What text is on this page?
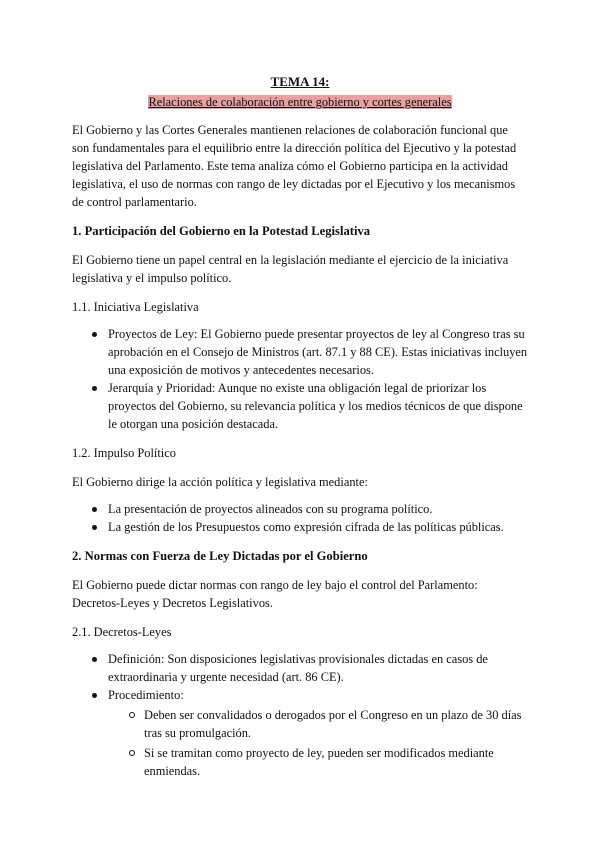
TEMA 14:

Relaciones de colaboración entre gobierno y cortes generales

El Gobierno y las Cortes Generales mantienen relaciones de colaboración funcional que son fundamentales para el equilibrio entre la dirección política del Ejecutivo y la potestad legislativa del Parlamento. Este tema analiza cómo el Gobierno participa en la actividad legislativa, el uso de normas con rango de ley dictadas por el Ejecutivo y los mecanismos de control parlamentario.

1. Participación del Gobierno en la Potestad Legislativa

El Gobierno tiene un papel central en la legislación mediante el ejercicio de la iniciativa legislativa y el impulso político.

1.1. Iniciativa Legislativa

Proyectos de Ley: El Gobierno puede presentar proyectos de ley al Congreso tras su aprobación en el Consejo de Ministros (art. 87.1 y 88 CE). Estas iniciativas incluyen una exposición de motivos y antecedentes necesarios.
Jerarquía y Prioridad: Aunque no existe una obligación legal de priorizar los proyectos del Gobierno, su relevancia política y los medios técnicos de que dispone le otorgan una posición destacada.

1.2. Impulso Político

El Gobierno dirige la acción política y legislativa mediante:

La presentación de proyectos alineados con su programa político.
La gestión de los Presupuestos como expresión cifrada de las políticas públicas.
2. Normas con Fuerza de Ley Dictadas por el Gobierno

El Gobierno puede dictar normas con rango de ley bajo el control del Parlamento: Decretos-Leyes y Decretos Legislativos.

2.1. Decretos-Leyes

Definición: Son disposiciones legislativas provisionales dictadas en casos de extraordinaria y urgente necesidad (art. 86 CE).
Procedimiento:
Deben ser convalidados o derogados por el Congreso en un plazo de 30 días tras su promulgación.
Si se tramitan como proyecto de ley, pueden ser modificados mediante enmiendas.
